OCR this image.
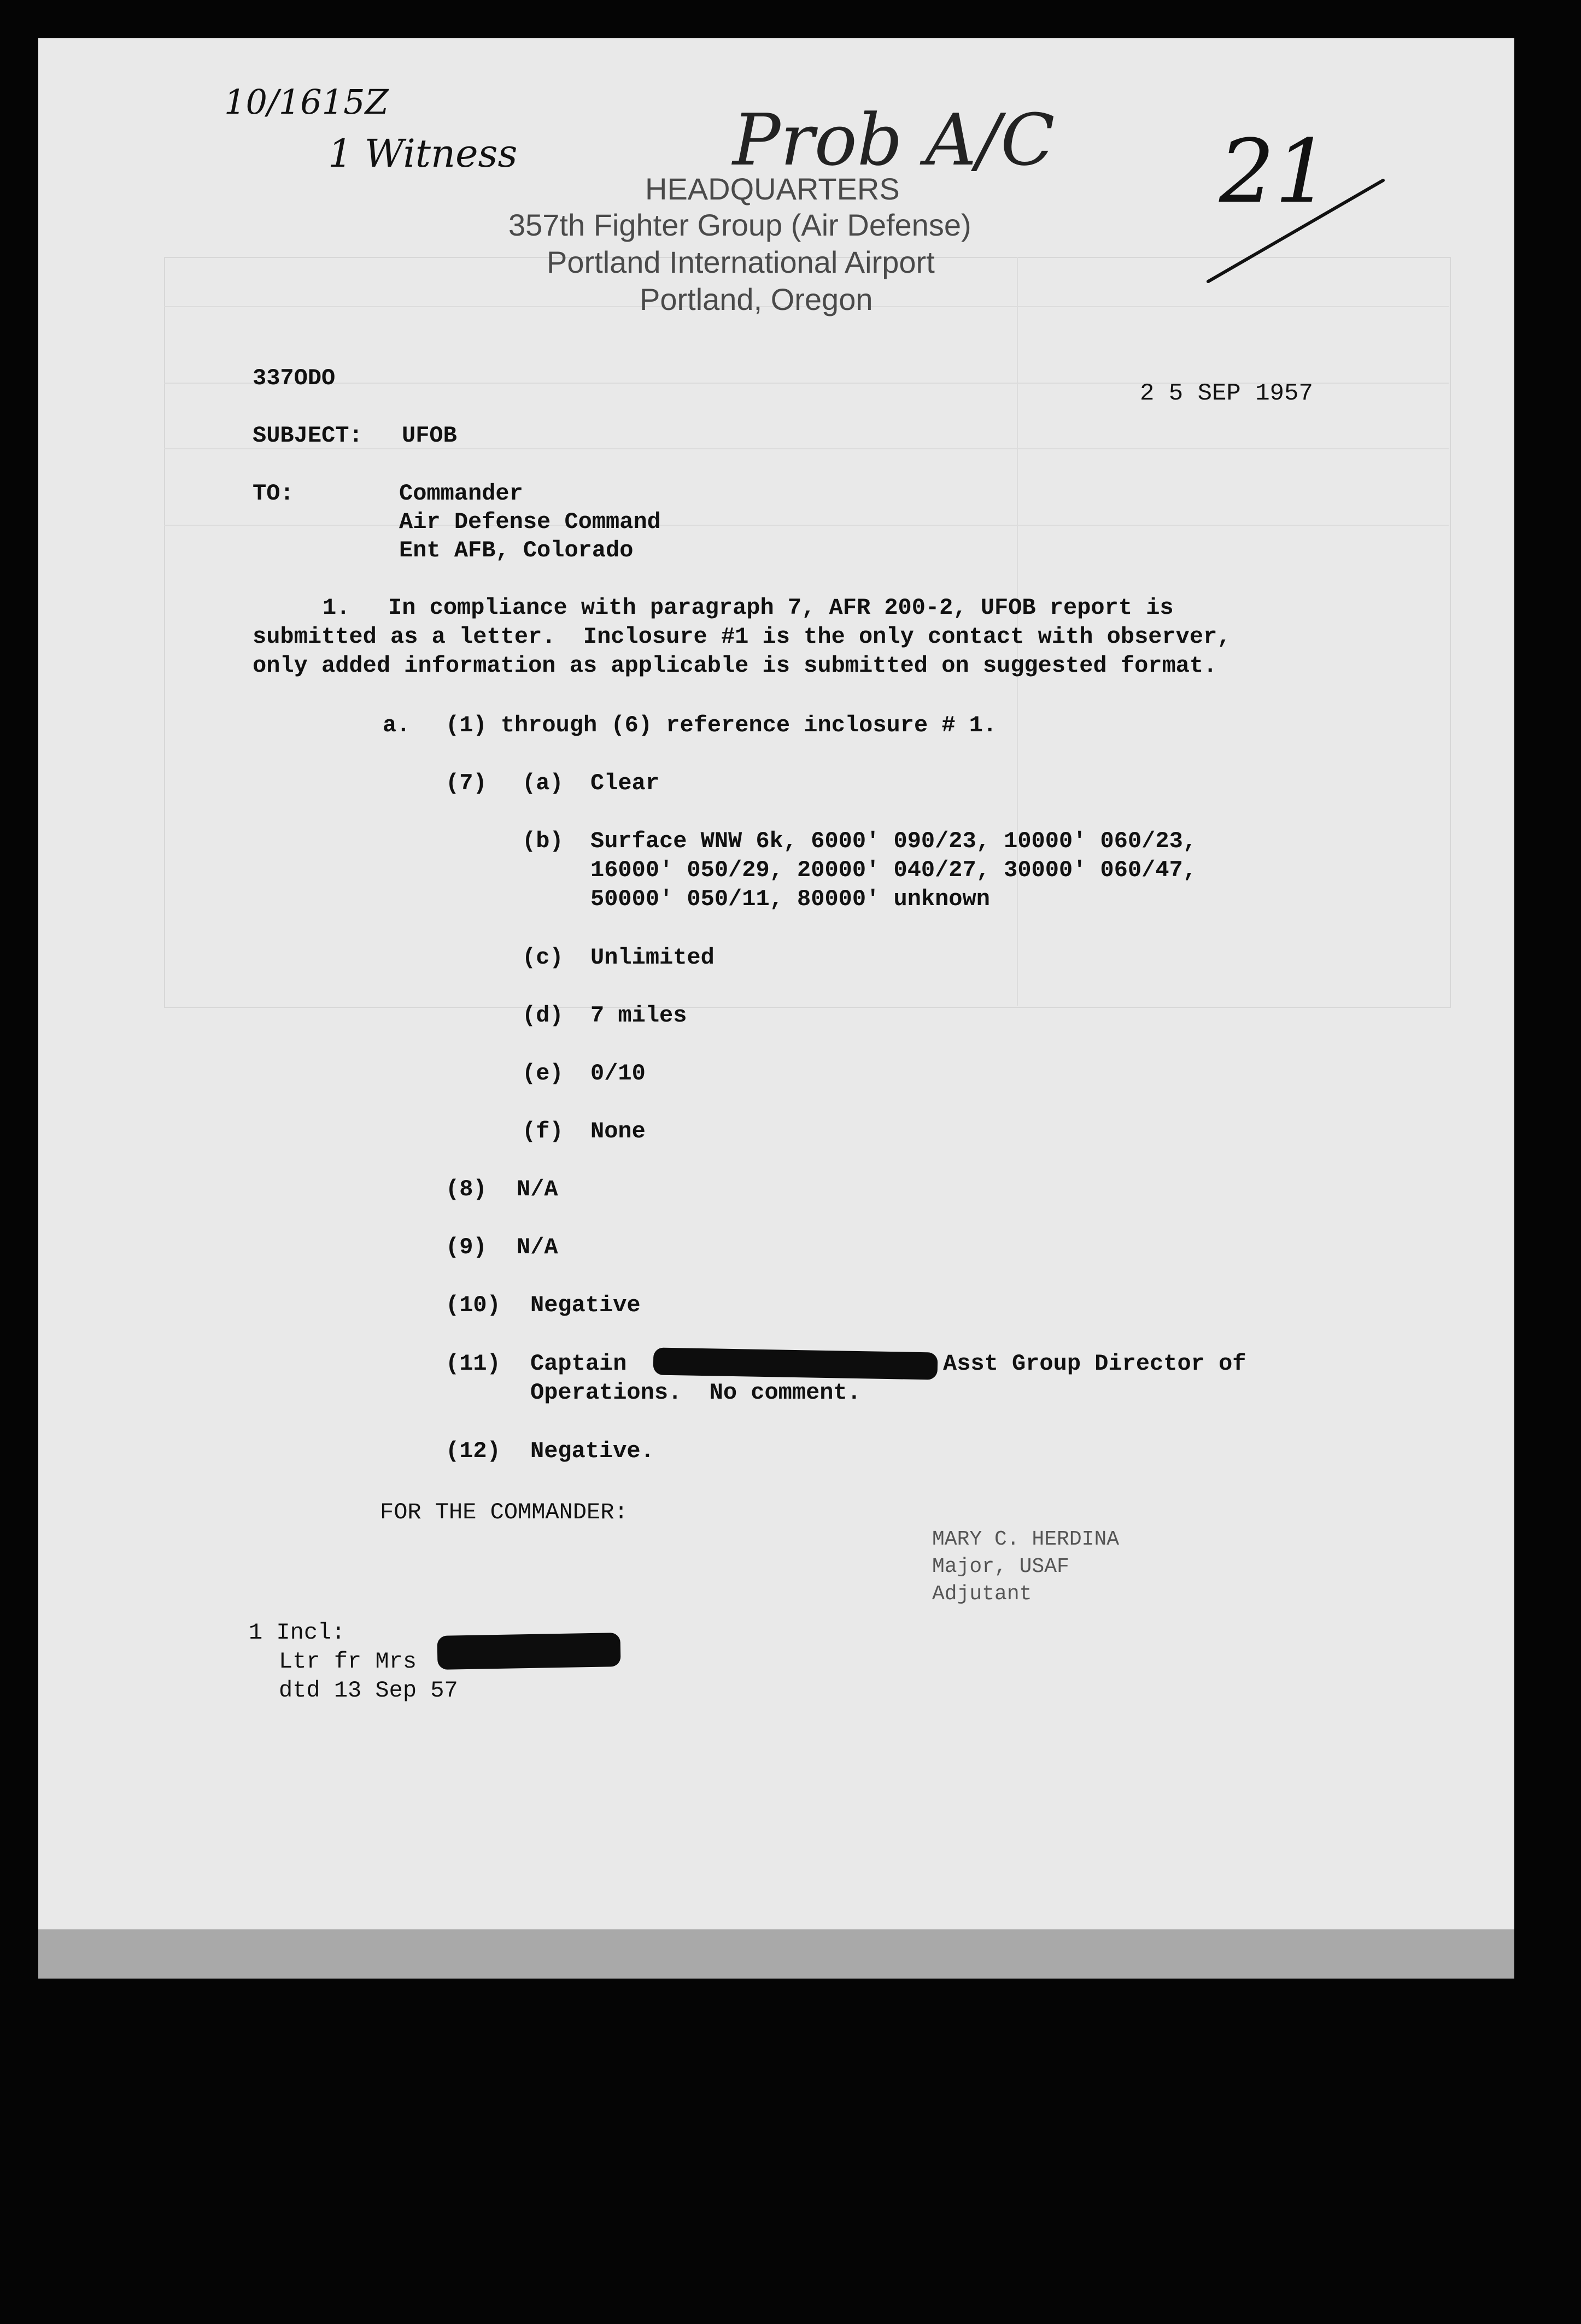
10/1615Z
1 Witness	Prob A/C 21
HEADQUARTERS
357th Fighter Group (Air Defense)
Portland International Airport
Portland, Oregon
337ODO
2 5 SEP 1957
SUBJECT: UFOB
TO:	Commander
Air Defense Command
Ent AFB, Colorado
1. In compliance with paragraph 7, AFR 200-2, UFOB report is
submitted as a letter.  Inclosure #1 is the only contact with observer,
only added information as applicable is submitted on suggested format.
a. (1) through (6) reference inclosure # 1.
(7) (a) Clear
(b) Surface WNW 6k, 6000' 090/23, 10000' 060/23,
16000' 050/29, 20000' 040/27, 30000' 060/47,
50000' 050/11, 80000' unknown
(c) Unlimited
(d) 7 miles
(e) 0/10
(f) None
(8) N/A
(9) N/A
(10) Negative
(11) Captain	Asst Group Director of
Operations.  No comment.
(12) Negative.
FOR THE COMMANDER:
MARY C. HERDINA
Major, USAF
Adjutant
1 Incl:
Ltr fr Mrs
dtd 13 Sep 57
